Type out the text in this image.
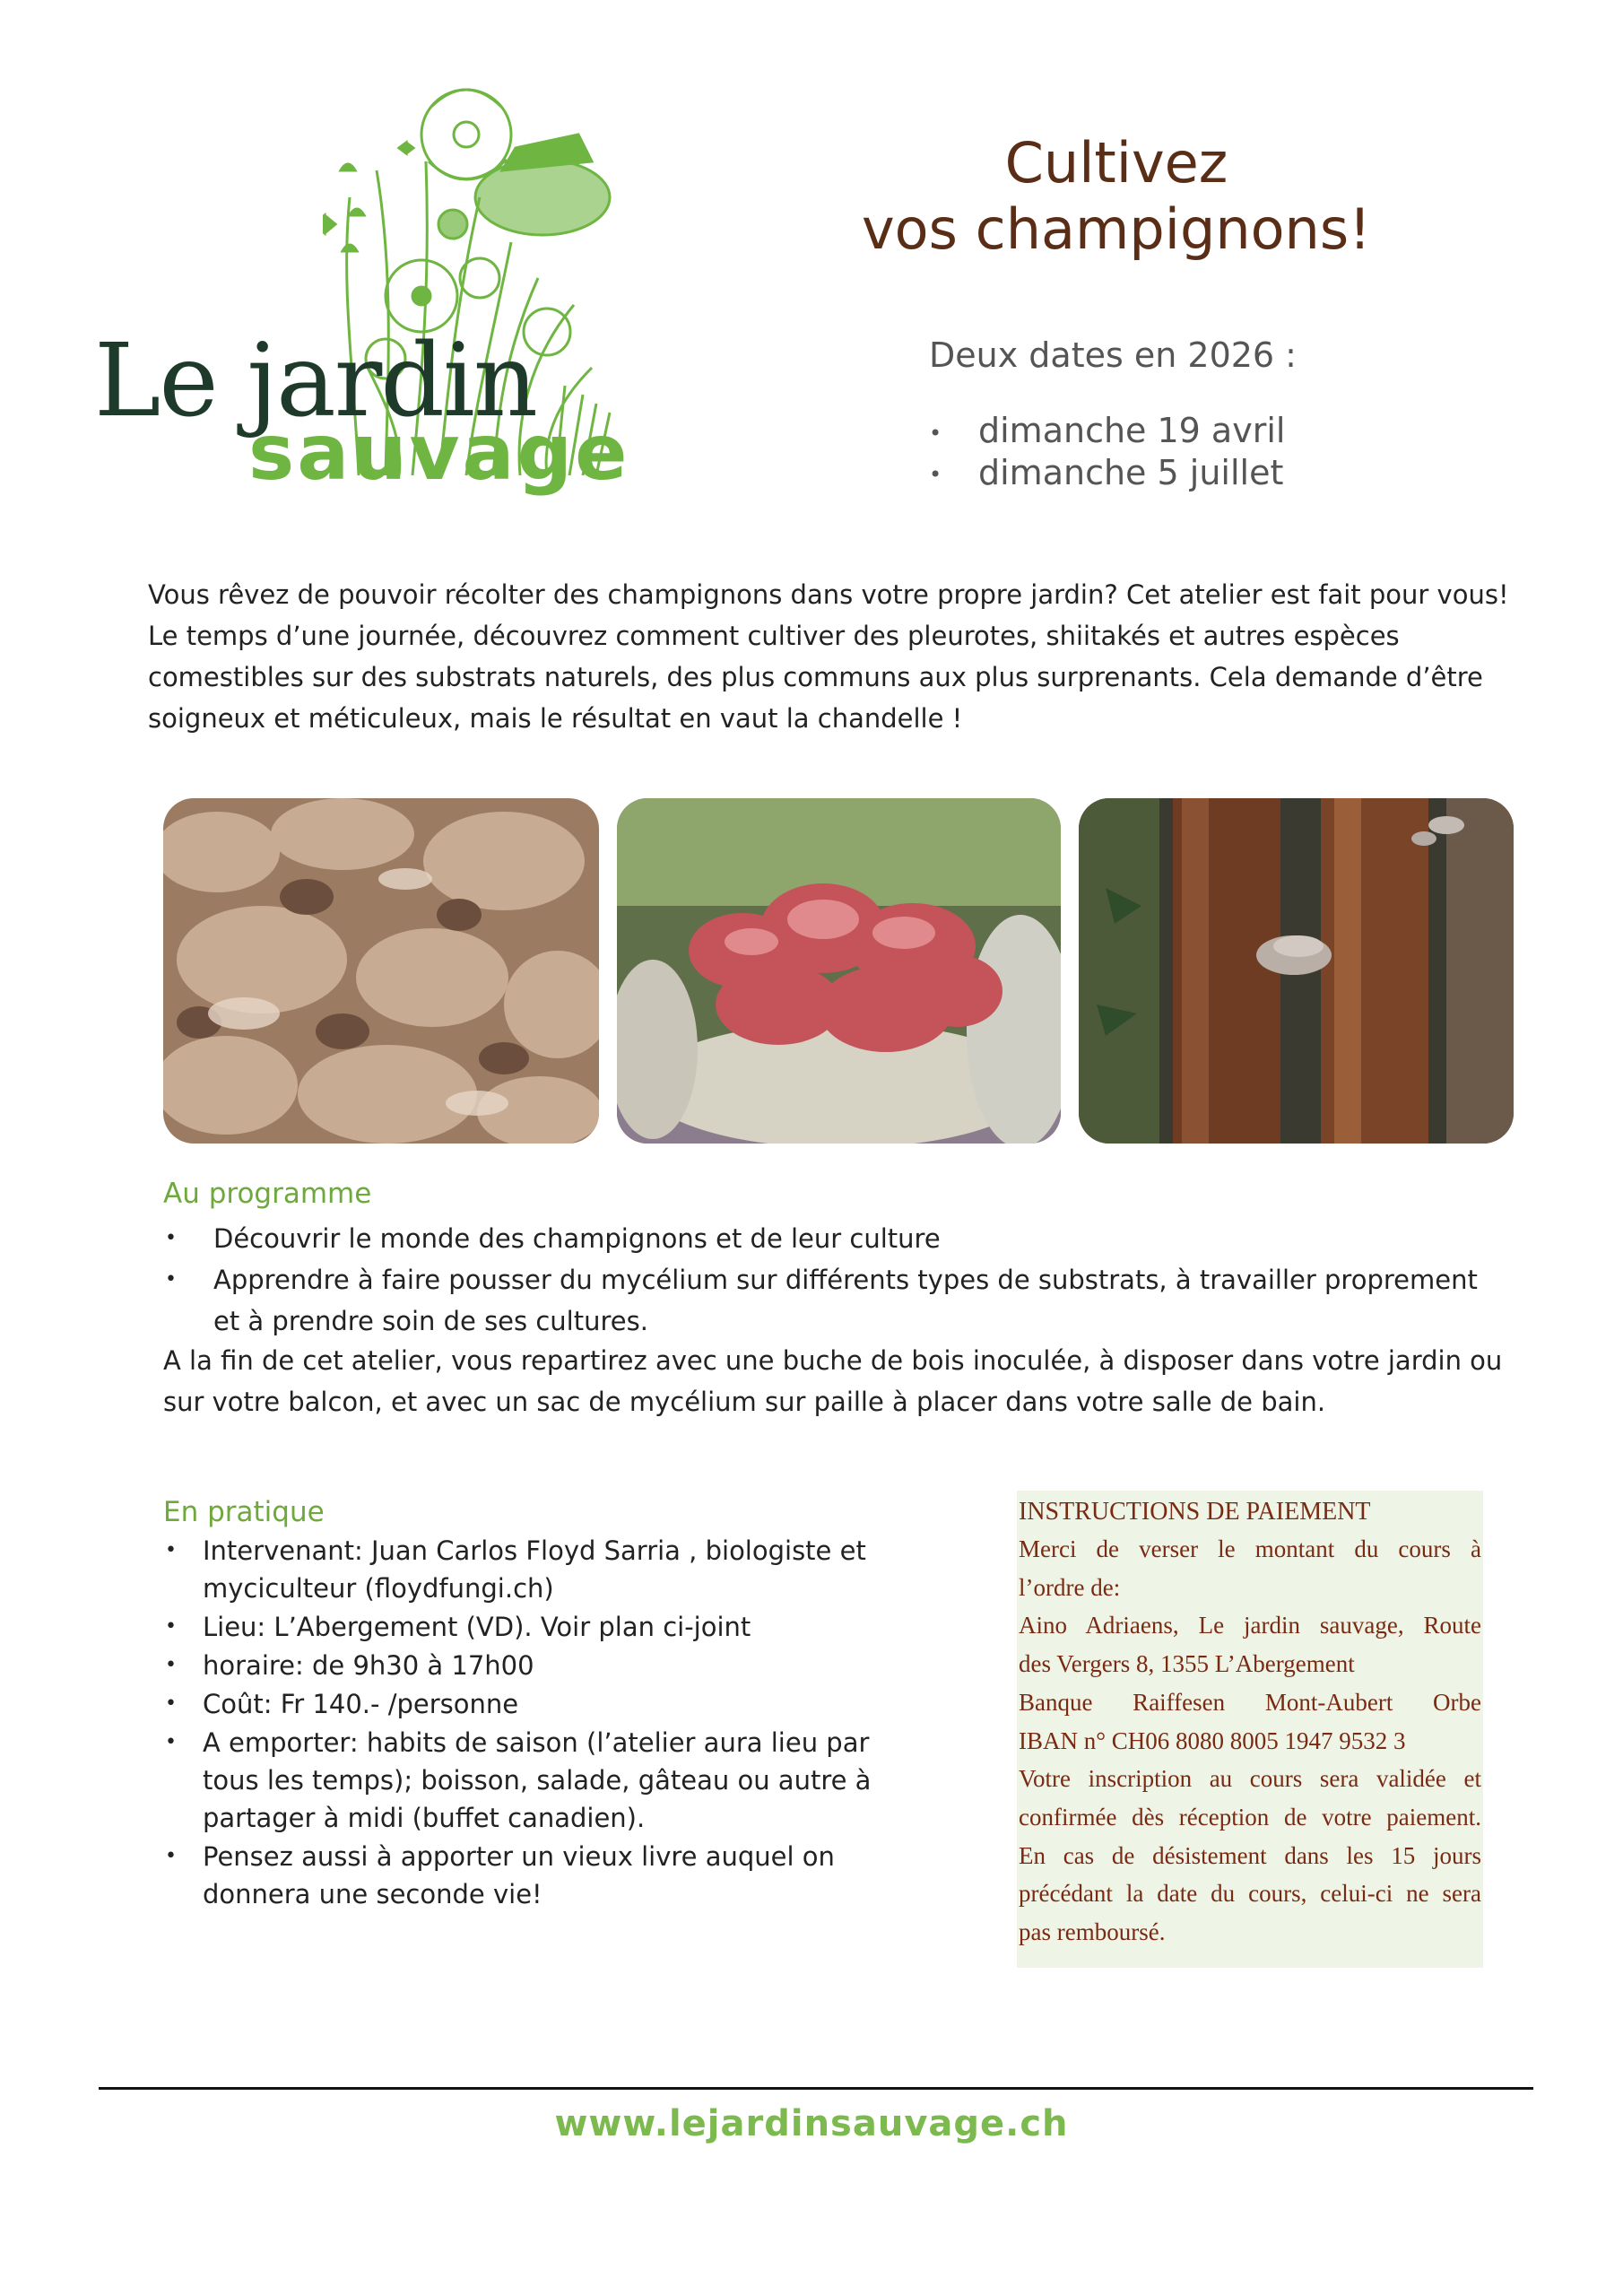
Le jardin
sauvage
Cultivez
vos champignons!
Deux dates en 2026 :
• dimanche 19 avril
• dimanche 5 juillet
Vous rêvez de pouvoir récolter des champignons dans votre propre jardin? Cet atelier est fait pour vous! Le temps d’une journée, découvrez comment cultiver des pleurotes, shiitakés et autres espèces comestibles sur des substrats naturels, des plus communs aux plus surprenants. Cela demande d’être soigneux et méticuleux, mais le résultat en vaut la chandelle !
Au programme
• Découvrir le monde des champignons et de leur culture
• Apprendre à faire pousser du mycélium sur différents types de substrats, à travailler proprement et à prendre soin de ses cultures.
A la fin de cet atelier, vous repartirez avec une buche de bois inoculée, à disposer dans votre jardin ou sur votre balcon, et avec un sac de mycélium sur paille à placer dans votre salle de bain.
En pratique
• Intervenant: Juan Carlos Floyd Sarria , biologiste et myciculteur (floydfungi.ch)
• Lieu: L’Abergement (VD). Voir plan ci-joint
• horaire: de 9h30 à 17h00
• Coût: Fr 140.- /personne
• A emporter: habits de saison (l’atelier aura lieu par tous les temps); boisson, salade, gâteau ou autre à partager à midi (buffet canadien).
• Pensez aussi à apporter un vieux livre auquel on donnera une seconde vie!
INSTRUCTIONS DE PAIEMENT
Merci de verser le montant du cours à
l’ordre de:
Aino Adriaens, Le jardin sauvage, Route
des Vergers 8, 1355 L’Abergement
Banque Raiffesen Mont-Aubert Orbe
IBAN n° CH06 8080 8005 1947 9532 3
Votre inscription au cours sera validée et
confirmée dès réception de votre paiement.
En cas de désistement dans les 15 jours
précédant la date du cours, celui-ci ne sera
pas remboursé.
www.lejardinsauvage.ch
